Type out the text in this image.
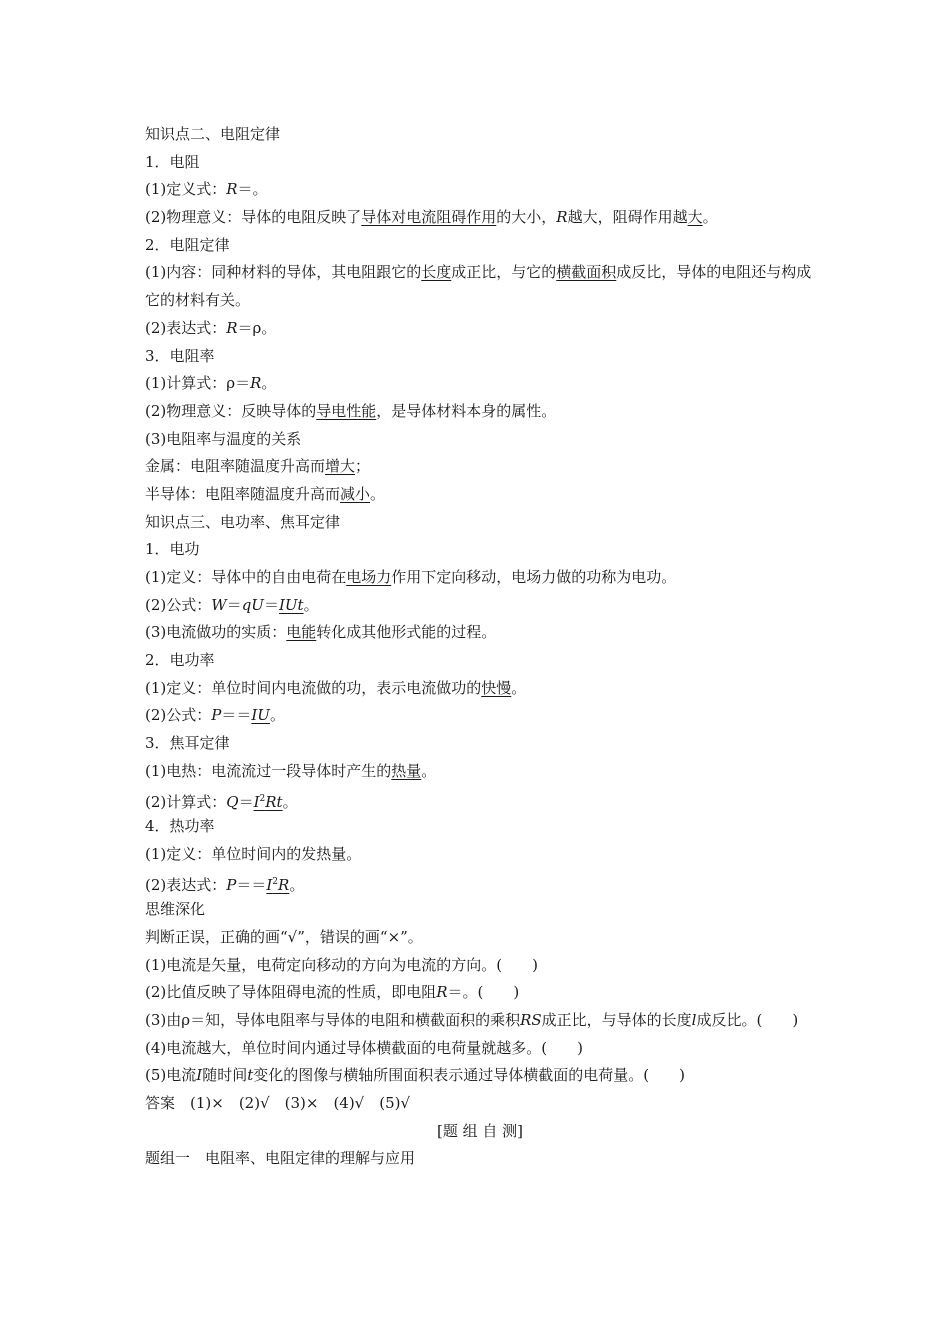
知识点二、电阻定律
1．电阻
(1)定义式：R＝。
(2)物理意义：导体的电阻反映了导体对电流阻碍作用的大小，R越大，阻碍作用越大。
2．电阻定律
(1)内容：同种材料的导体，其电阻跟它的长度成正比，与它的横截面积成反比，导体的电阻还与构成它的材料有关。
(2)表达式：R＝ρ。
3．电阻率
(1)计算式：ρ＝R。
(2)物理意义：反映导体的导电性能，是导体材料本身的属性。
(3)电阻率与温度的关系
金属：电阻率随温度升高而增大；
半导体：电阻率随温度升高而减小。
知识点三、电功率、焦耳定律
1．电功
(1)定义：导体中的自由电荷在电场力作用下定向移动，电场力做的功称为电功。
(2)公式：W＝qU＝IUt。
(3)电流做功的实质：电能转化成其他形式能的过程。
2．电功率
(1)定义：单位时间内电流做的功，表示电流做功的快慢。
(2)公式：P＝＝IU。
3．焦耳定律
(1)电热：电流流过一段导体时产生的热量。
(2)计算式：$Q=I^2Rt$。
4．热功率
(1)定义：单位时间内的发热量。
(2)表达式：$P==I^2R$。
思维深化
判断正误，正确的画“√”，错误的画“×”。
(1)电流是矢量，电荷定向移动的方向为电流的方向。(　　)
(2)比值反映了导体阻碍电流的性质，即电阻R＝。(　　)
(3)由ρ＝知，导体电阻率与导体的电阻和横截面积的乘积RS成正比，与导体的长度l成反比。(　　)
(4)电流越大，单位时间内通过导体横截面的电荷量就越多。(　　)
(5)电流I随时间t变化的图像与横轴所围面积表示通过导体横截面的电荷量。(　　)
答案　(1)×　(2)√　(3)×　(4)√　(5)√
[题 组 自 测]
题组一　电阻率、电阻定律的理解与应用
